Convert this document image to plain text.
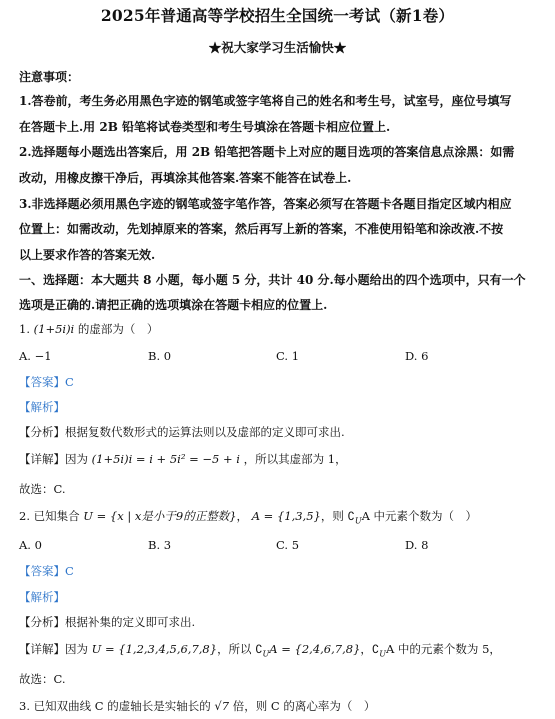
2025年普通高等学校招生全国统一考试（新1卷）
★祝大家学习生活愉快★
注意事项：
1.答卷前，考生务必用黑色字迹的钢笔或签字笔将自己的姓名和考生号，试室号，座位号填写
在答题卡上.用 2B 铅笔将试卷类型和考生号填涂在答题卡相应位置上.
2.选择题每小题选出答案后，用 2B 铅笔把答题卡上对应的题目选项的答案信息点涂黑：如需
改动，用橡皮擦干净后，再填涂其他答案.答案不能答在试卷上.
3.非选择题必须用黑色字迹的钢笔或签字笔作答，答案必须写在答题卡各题目指定区域内相应
位置上：如需改动，先划掉原来的答案，然后再写上新的答案，不准使用铅笔和涂改液.不按
以上要求作答的答案无效.
一、选择题：本大题共 8 小题，每小题 5 分，共计 40 分.每小题给出的四个选项中，只有一个
选项是正确的.请把正确的选项填涂在答题卡相应的位置上.
1. (1+5i)i 的虚部为（　）
A. −1	B. 0	C. 1	D. 6
【答案】C
【解析】
【分析】根据复数代数形式的运算法则以及虚部的定义即可求出.
【详解】因为 (1+5i)i = i + 5i² = −5 + i ，所以其虚部为 1，
故选：C.
2. 已知集合 U = {x | x是小于9的正整数}， A = {1,3,5}，则 $∁_UA$ 中元素个数为（　）
A. 0	B. 3	C. 5	D. 8
【答案】C
【解析】
【分析】根据补集的定义即可求出.
【详解】因为 U = {1,2,3,4,5,6,7,8}，所以 $∁_UA = \{2,4,6,7,8\}$，$∁_UA$ 中的元素个数为 5，
故选：C.
3. 已知双曲线 C 的虚轴长是实轴长的 √7 倍，则 C 的离心率为（　）
